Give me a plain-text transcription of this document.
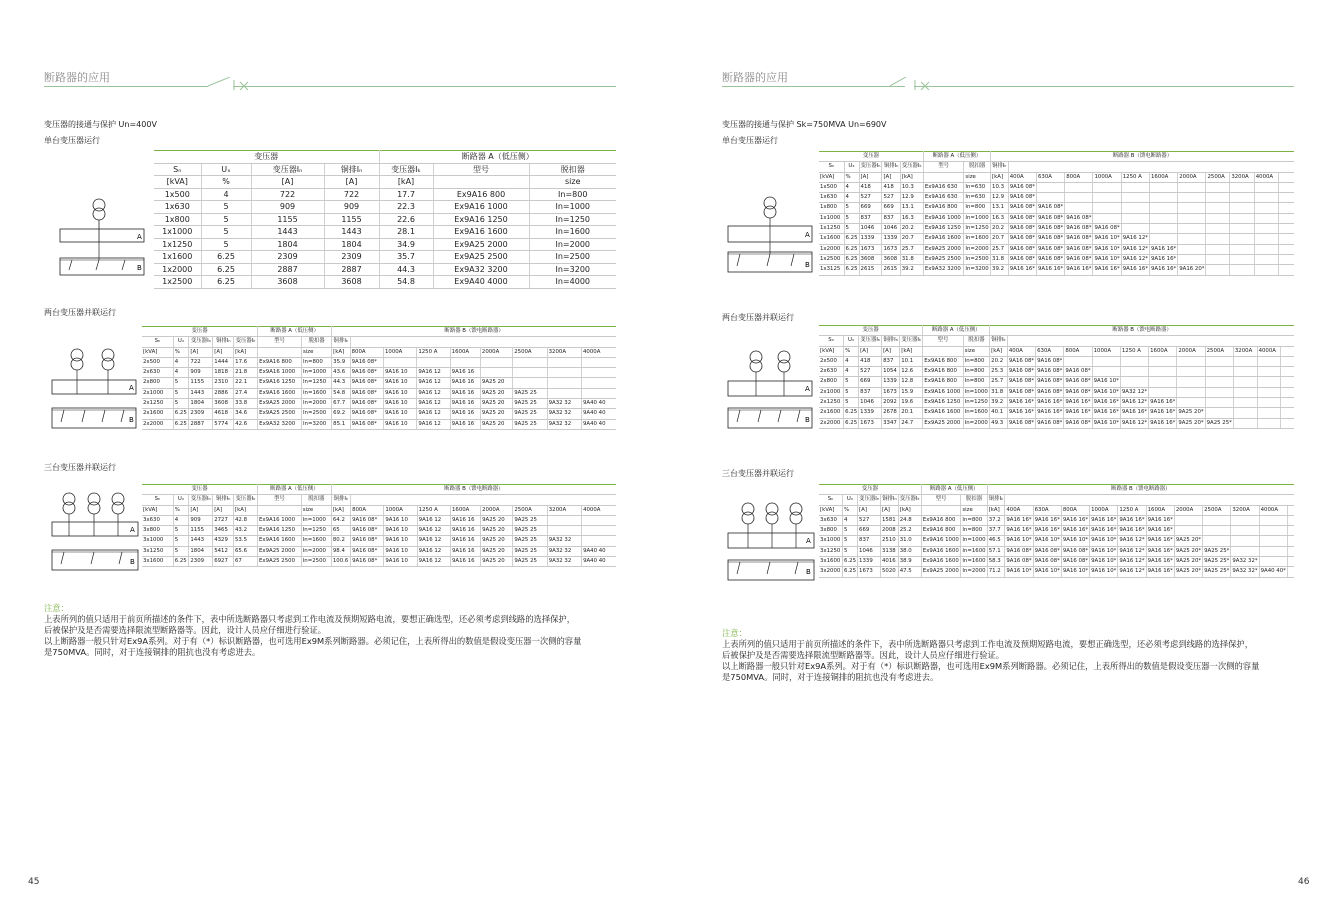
断路器的应用
变压器的接通与保护 Un=400V
单台变压器运行
A
B
变压器				断路器 A（低压侧）		
Sₙ	Uₓ	变压器Iₙ	铜排Iₙ	变压器Iₖ	型号	脱扣器
[kVA]	%	[A]	[A]	[kA]		size
1x500	4	722	722	17.7	Ex9A16 800	In=800
1x630	5	909	909	22.3	Ex9A16 1000	In=1000
1x800	5	1155	1155	22.6	Ex9A16 1250	In=1250
1x1000	5	1443	1443	28.1	Ex9A16 1600	In=1600
1x1250	5	1804	1804	34.9	Ex9A25 2000	In=2000
1x1600	6.25	2309	2309	35.7	Ex9A25 2500	In=2500
1x2000	6.25	2887	2887	44.3	Ex9A32 3200	In=3200
1x2500	6.25	3608	3608	54.8	Ex9A40 4000	In=4000
两台变压器并联运行
A
B
变压器					断路器 A（低压侧）		断路器 B（馈电断路器）								
Sₙ	Uₓ	变压器Iₙ	铜排Iₙ	变压器Iₖ	型号	脱扣器	铜排Iₖ								
[kVA]	%	[A]	[A]	[kA]		size	[kA]	800A	1000A	1250 A	1600A	2000A	2500A	3200A	4000A
2x500	4	722	1444	17.6	Ex9A16 800	In=800	35.9	9A16 08*							
2x630	4	909	1818	21.8	Ex9A16 1000	In=1000	43.6	9A16 08*	9A16 10	9A16 12	9A16 16				
2x800	5	1155	2310	22.1	Ex9A16 1250	In=1250	44.3	9A16 08*	9A16 10	9A16 12	9A16 16	9A25 20			
2x1000	5	1443	2886	27.4	Ex9A16 1600	In=1600	54.8	9A16 08*	9A16 10	9A16 12	9A16 16	9A25 20	9A25 25		
2x1250	5	1804	3608	33.8	Ex9A25 2000	In=2000	67.7	9A16 08*	9A16 10	9A16 12	9A16 16	9A25 20	9A25 25	9A32 32	9A40 40
2x1600	6.25	2309	4618	34.6	Ex9A25 2500	In=2500	69.2	9A16 08*	9A16 10	9A16 12	9A16 16	9A25 20	9A25 25	9A32 32	9A40 40
2x2000	6.25	2887	5774	42.6	Ex9A32 3200	In=3200	85.1	9A16 08*	9A16 10	9A16 12	9A16 16	9A25 20	9A25 25	9A32 32	9A40 40
三台变压器并联运行
A
B
变压器					断路器 A（低压侧）		断路器 B（馈电断路器）								
Sₙ	Uₓ	变压器Iₙ	铜排Iₙ	变压器Iₖ	型号	脱扣器	铜排Iₖ								
[kVA]	%	[A]	[A]	[kA]		size	[kA]	800A	1000A	1250 A	1600A	2000A	2500A	3200A	4000A
3x630	4	909	2727	42.8	Ex9A16 1000	In=1000	64.2	9A16 08*	9A16 10	9A16 12	9A16 16	9A25 20	9A25 25		
3x800	5	1155	3465	43.2	Ex9A16 1250	In=1250	65	9A16 08*	9A16 10	9A16 12	9A16 16	9A25 20	9A25 25		
3x1000	5	1443	4329	53.5	Ex9A16 1600	In=1600	80.2	9A16 08*	9A16 10	9A16 12	9A16 16	9A25 20	9A25 25	9A32 32	
3x1250	5	1804	5412	65.6	Ex9A25 2000	In=2000	98.4	9A16 08*	9A16 10	9A16 12	9A16 16	9A25 20	9A25 25	9A32 32	9A40 40
3x1600	6.25	2309	6927	67	Ex9A25 2500	In=2500	100.6	9A16 08*	9A16 10	9A16 12	9A16 16	9A25 20	9A25 25	9A32 32	9A40 40
注意：
上表所列的值只适用于前页所描述的条件下，表中所选断路器只考虑到工作电流及预期短路电流，要想正确选型，还必须考虑到线路的选择保护，
后被保护及是否需要选择限流型断路器等。因此，设计人员应仔细进行验证。
以上断路器一般只针对Ex9A系列。对于有（*）标识断路器，也可选用Ex9M系列断路器。必须记住，上表所得出的数值是假设变压器一次侧的容量
是750MVA。同时，对于连接铜排的阻抗也没有考虑进去。
45
断路器的应用
变压器的接通与保护 Sk=750MVA Un=690V
单台变压器运行
A
B
变压器					断路器 A（低压侧）		断路器 B（馈电断路器）											
Sₙ	Uₓ	变压器Iₙ	铜排Iₙ	变压器Iₖ	型号	脱扣器	铜排Iₖ											
[kVA]	%	[A]	[A]	[kA]		size	[kA]	400A	630A	800A	1000A	1250 A	1600A	2000A	2500A	3200A	4000A	
1x500	4	418	418	10.3	Ex9A16 630	In=630	10.3	9A16 08*										
1x630	4	527	527	12.9	Ex9A16 630	In=630	12.9	9A16 08*										
1x800	5	669	669	13.1	Ex9A16 800	In=800	13.1	9A16 08*	9A16 08*									
1x1000	5	837	837	16.3	Ex9A16 1000	In=1000	16.3	9A16 08*	9A16 08*	9A16 08*								
1x1250	5	1046	1046	20.2	Ex9A16 1250	In=1250	20.2	9A16 08*	9A16 08*	9A16 08*	9A16 08*							
1x1600	6.25	1339	1339	20.7	Ex9A16 1600	In=1600	20.7	9A16 08*	9A16 08*	9A16 08*	9A16 10*	9A16 12*						
1x2000	6.25	1673	1673	25.7	Ex9A25 2000	In=2000	25.7	9A16 08*	9A16 08*	9A16 08*	9A16 10*	9A16 12*	9A16 16*					
1x2500	6.25	3608	3608	31.8	Ex9A25 2500	In=2500	31.8	9A16 08*	9A16 08*	9A16 08*	9A16 10*	9A16 12*	9A16 16*					
1x3125	6.25	2615	2615	39.2	Ex9A32 3200	In=3200	39.2	9A16 16*	9A16 16*	9A16 16*	9A16 16*	9A16 16*	9A16 16*	9A16 20*				
两台变压器并联运行
A
B
变压器					断路器 A（低压侧）		断路器 B（馈电断路器）											
Sₙ	Uₓ	变压器Iₙ	铜排Iₙ	变压器Iₖ	型号	脱扣器	铜排Iₖ											
[kVA]	%	[A]	[A]	[kA]		size	[kA]	400A	630A	800A	1000A	1250 A	1600A	2000A	2500A	3200A	4000A	
2x500	4	418	837	10.1	Ex9A16 800	In=800	20.2	9A16 08*	9A16 08*									
2x630	4	527	1054	12.6	Ex9A16 800	In=800	25.3	9A16 08*	9A16 08*	9A16 08*								
2x800	5	669	1339	12.8	Ex9A16 800	In=800	25.7	9A16 08*	9A16 08*	9A16 08*	9A16 10*							
2x1000	5	837	1673	15.9	Ex9A16 1000	In=1000	31.8	9A16 08*	9A16 08*	9A16 08*	9A16 10*	9A32 12*						
2x1250	5	1046	2092	19.6	Ex9A16 1250	In=1250	39.2	9A16 16*	9A16 16*	9A16 16*	9A16 16*	9A16 12*	9A16 16*					
2x1600	6.25	1339	2678	20.1	Ex9A16 1600	In=1600	40.1	9A16 16*	9A16 16*	9A16 16*	9A16 16*	9A16 16*	9A16 16*	9A25 20*				
2x2000	6.25	1673	3347	24.7	Ex9A25 2000	In=2000	49.3	9A16 08*	9A16 08*	9A16 08*	9A16 10*	9A16 12*	9A16 16*	9A25 20*	9A25 25*			
三台变压器并联运行
A
B
变压器					断路器 A（低压侧）		断路器 B（馈电断路器）											
Sₙ	Uₓ	变压器Iₙ	铜排Iₙ	变压器Iₖ	型号	脱扣器	铜排Iₖ											
[kVA]	%	[A]	[A]	[kA]		size	[kA]	400A	630A	800A	1000A	1250 A	1600A	2000A	2500A	3200A	4000A	
3x630	4	527	1581	24.8	Ex9A16 800	In=800	37.2	9A16 16*	9A16 16*	9A16 16*	9A16 16*	9A16 16*	9A16 16*					
3x800	5	669	2008	25.2	Ex9A16 800	In=800	37.7	9A16 16*	9A16 16*	9A16 16*	9A16 16*	9A16 16*	9A16 16*					
3x1000	5	837	2510	31.0	Ex9A16 1000	In=1000	46.5	9A16 10*	9A16 10*	9A16 10*	9A16 10*	9A16 12*	9A16 16*	9A25 20*				
3x1250	5	1046	3138	38.0	Ex9A16 1600	In=1600	57.1	9A16 08*	9A16 08*	9A16 08*	9A16 10*	9A16 12*	9A16 16*	9A25 20*	9A25 25*			
3x1600	6.25	1339	4016	38.9	Ex9A16 1600	In=1600	58.3	9A16 08*	9A16 08*	9A16 08*	9A16 10*	9A16 12*	9A16 16*	9A25 20*	9A25 25*	9A32 32*		
3x2000	6.25	1673	5020	47.5	Ex9A25 2000	In=2000	71.2	9A16 10*	9A16 10*	9A16 10*	9A16 10*	9A16 12*	9A16 16*	9A25 20*	9A25 25*	9A32 32*	9A40 40*	
注意：
上表所列的值只适用于前页所描述的条件下，表中所选断路器只考虑到工作电流及预期短路电流，要想正确选型，还必须考虑到线路的选择保护，
后被保护及是否需要选择限流型断路器等。因此，设计人员应仔细进行验证。
以上断路器一般只针对Ex9A系列。对于有（*）标识断路器，也可选用Ex9M系列断路器。必须记住，上表所得出的数值是假设变压器一次侧的容量
是750MVA。同时，对于连接铜排的阻抗也没有考虑进去。
46
